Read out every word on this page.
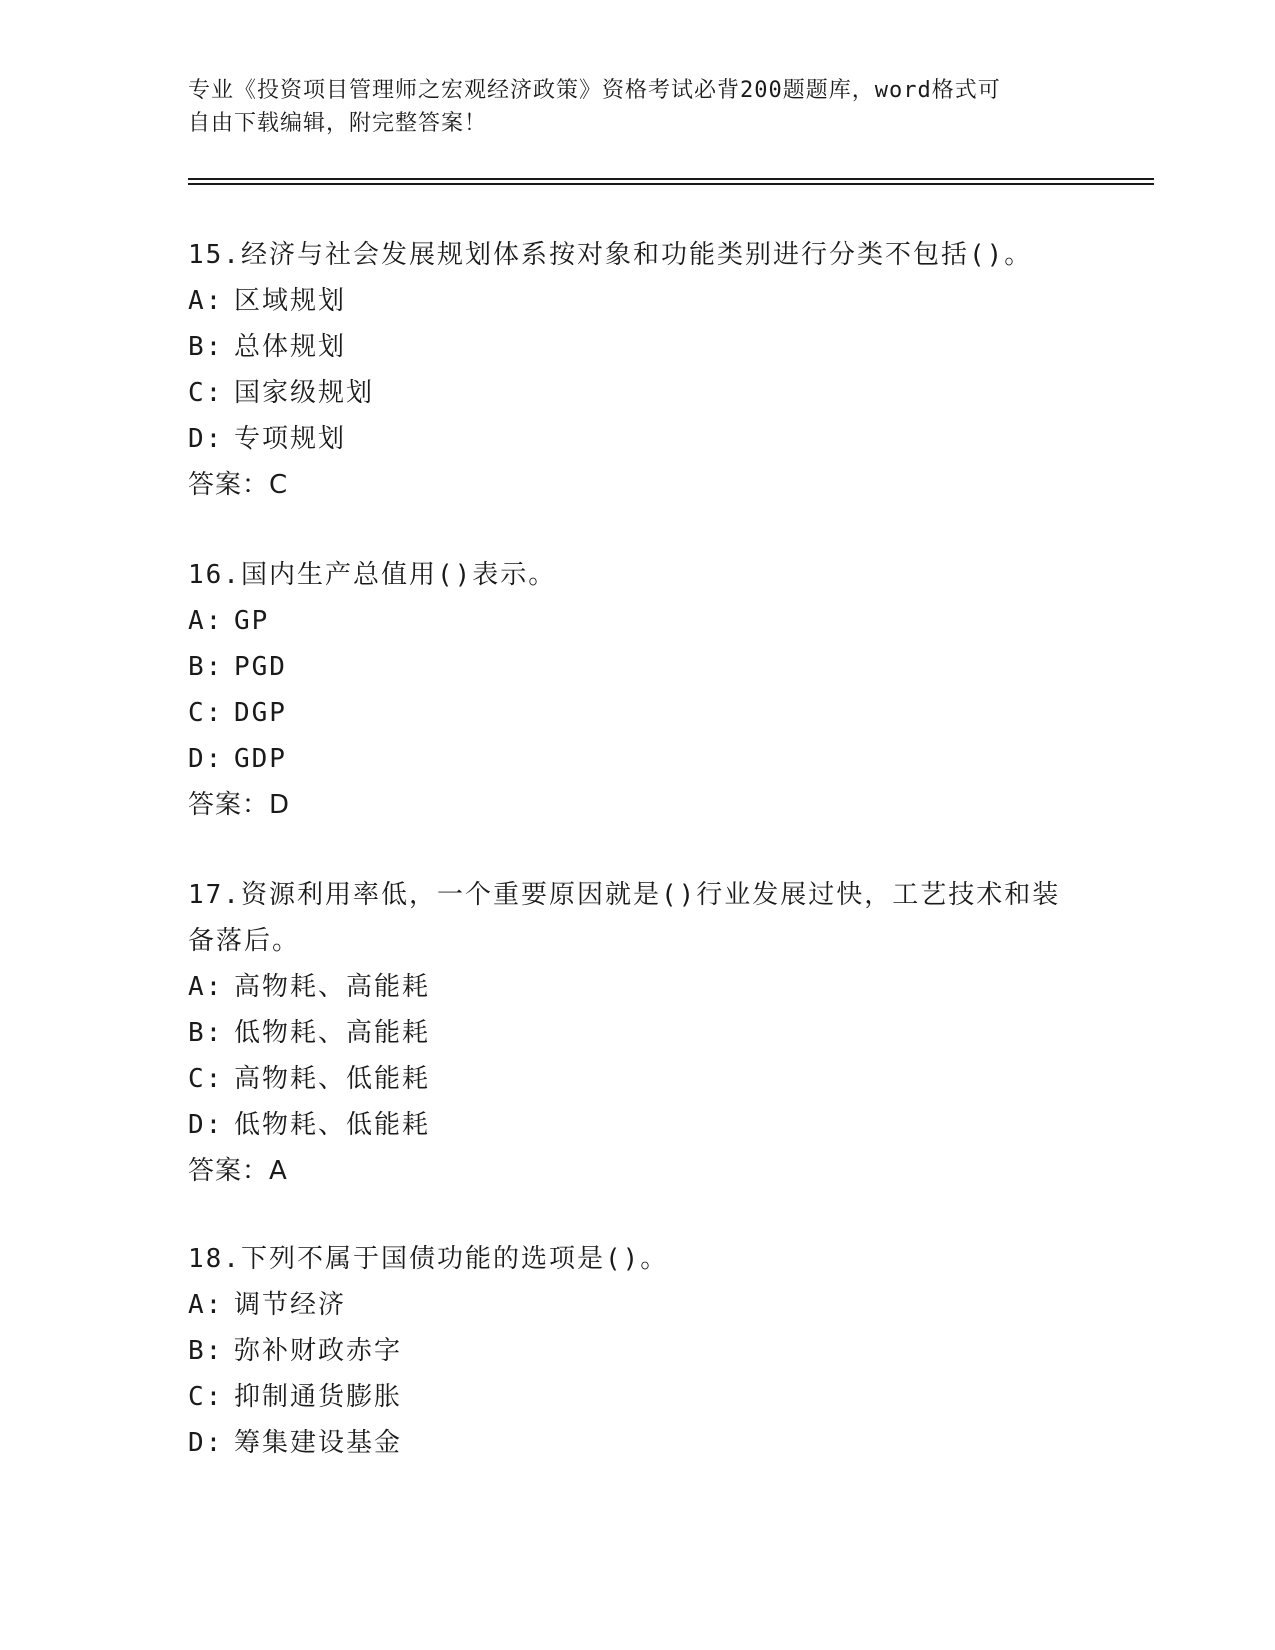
专业《投资项目管理师之宏观经济政策》资格考试必背200题题库，word格式可
自由下载编辑，附完整答案！
15.经济与社会发展规划体系按对象和功能类别进行分类不包括()。
A: 区域规划
B: 总体规划
C: 国家级规划
D: 专项规划
答案：C
16.国内生产总值用()表示。
A: GP
B: PGD
C: DGP
D: GDP
答案：D
17.资源利用率低，一个重要原因就是()行业发展过快，工艺技术和装
备落后。
A: 高物耗、高能耗
B: 低物耗、高能耗
C: 高物耗、低能耗
D: 低物耗、低能耗
答案：A
18.下列不属于国债功能的选项是()。
A: 调节经济
B: 弥补财政赤字
C: 抑制通货膨胀
D: 筹集建设基金
